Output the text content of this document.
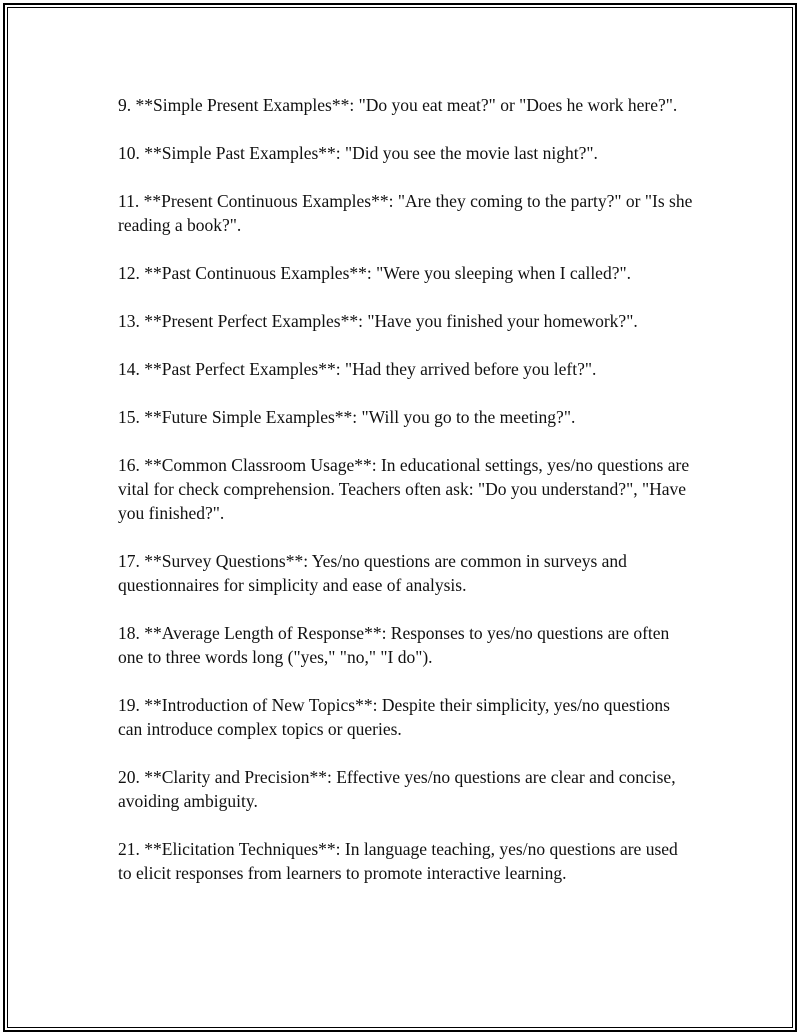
9. **Simple Present Examples**: "Do you eat meat?" or "Does he work here?".

10. **Simple Past Examples**: "Did you see the movie last night?".

11. **Present Continuous Examples**: "Are they coming to the party?" or "Is she reading a book?".

12. **Past Continuous Examples**: "Were you sleeping when I called?".

13. **Present Perfect Examples**: "Have you finished your homework?".

14. **Past Perfect Examples**: "Had they arrived before you left?".

15. **Future Simple Examples**: "Will you go to the meeting?".

16. **Common Classroom Usage**: In educational settings, yes/no questions are vital for check comprehension. Teachers often ask: "Do you understand?", "Have you finished?".

17. **Survey Questions**: Yes/no questions are common in surveys and questionnaires for simplicity and ease of analysis.

18. **Average Length of Response**: Responses to yes/no questions are often one to three words long ("yes," "no," "I do").

19. **Introduction of New Topics**: Despite their simplicity, yes/no questions can introduce complex topics or queries.

20. **Clarity and Precision**: Effective yes/no questions are clear and concise, avoiding ambiguity.

21. **Elicitation Techniques**: In language teaching, yes/no questions are used to elicit responses from learners to promote interactive learning.
